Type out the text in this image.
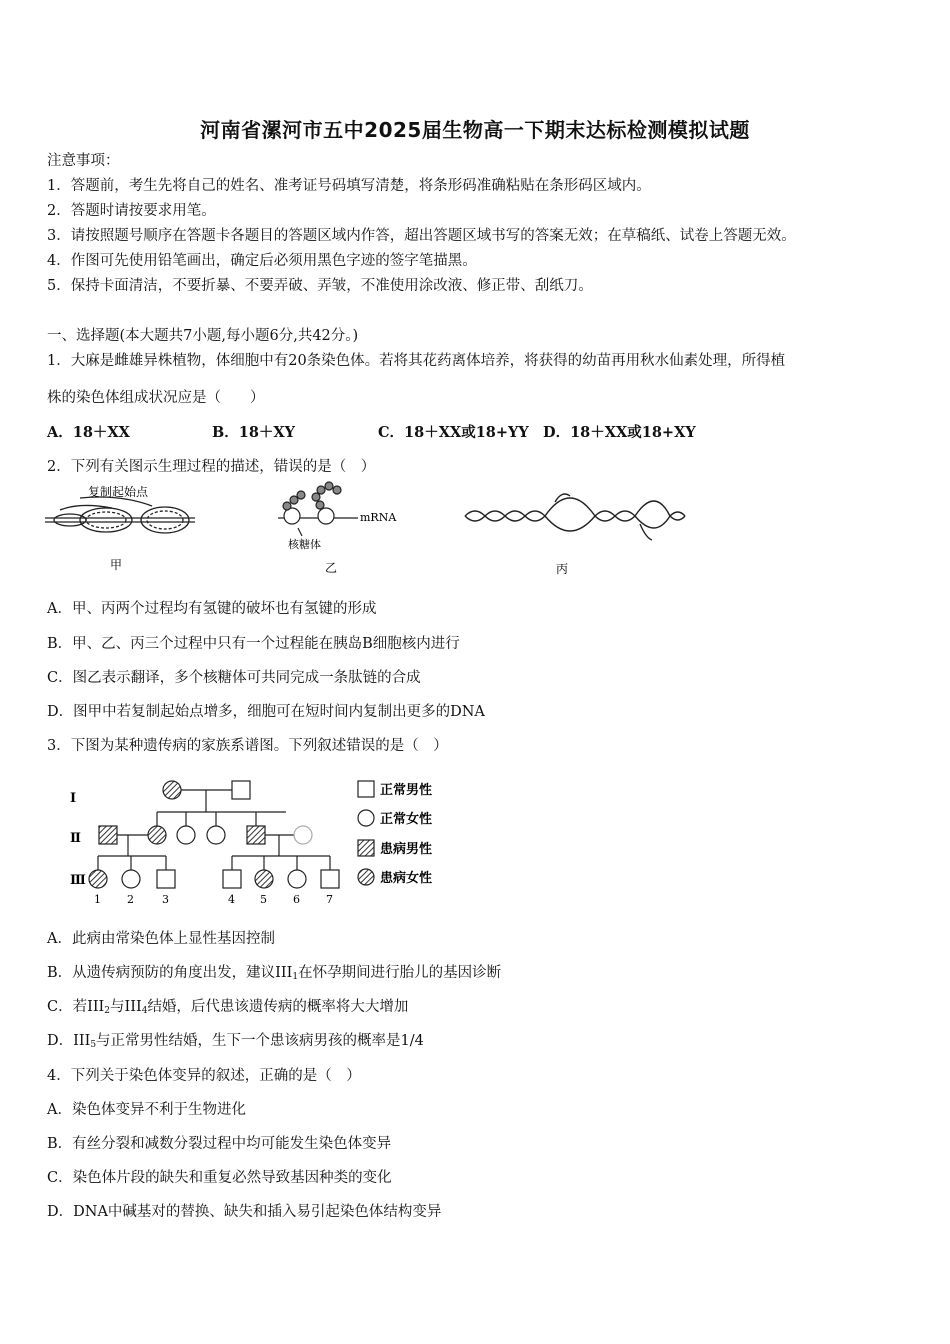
河南省漯河市五中2025届生物高一下期末达标检测模拟试题
注意事项：
1．答题前，考生先将自己的姓名、准考证号码填写清楚，将条形码准确粘贴在条形码区域内。
2．答题时请按要求用笔。
3．请按照题号顺序在答题卡各题目的答题区域内作答，超出答题区域书写的答案无效；在草稿纸、试卷上答题无效。
4．作图可先使用铅笔画出，确定后必须用黑色字迹的签字笔描黑。
5．保持卡面清洁，不要折暴、不要弄破、弄皱，不准使用涂改液、修正带、刮纸刀。
一、选择题(本大题共7小题,每小题6分,共42分。)
1．大麻是雌雄异株植物，体细胞中有20条染色体。若将其花药离体培养，将获得的幼苗再用秋水仙素处理，所得植
株的染色体组成状况应是（　　）
A．18＋XX	B．18＋XY	C．18＋XX或18+YY D．18＋XX或18+XY
2．下列有关图示生理过程的描述，错误的是（　）
复制起始点
甲
mRNA
核糖体
乙	丙
A．甲、丙两个过程均有氢键的破坏也有氢键的形成
B．甲、乙、丙三个过程中只有一个过程能在胰岛B细胞核内进行
C．图乙表示翻译，多个核糖体可共同完成一条肽链的合成
D．图甲中若复制起始点增多，细胞可在短时间内复制出更多的DNA
3．下图为某种遗传病的家族系谱图。下列叙述错误的是（　）
Ⅰ
Ⅱ
Ⅲ
1 2	3	4 5 6 7
正常男性
正常女性
患病男性
患病女性
A．此病由常染色体上显性基因控制
B．从遗传病预防的角度出发，建议$III_1$在怀孕期间进行胎儿的基因诊断
C．若$III_2$与$III_4$结婚，后代患该遗传病的概率将大大增加
D．$III_5$与正常男性结婚，生下一个患该病男孩的概率是1/4
4．下列关于染色体变异的叙述，正确的是（　）
A．染色体变异不利于生物进化
B．有丝分裂和减数分裂过程中均可能发生染色体变异
C．染色体片段的缺失和重复必然导致基因种类的变化
D．DNA中碱基对的替换、缺失和插入易引起染色体结构变异
